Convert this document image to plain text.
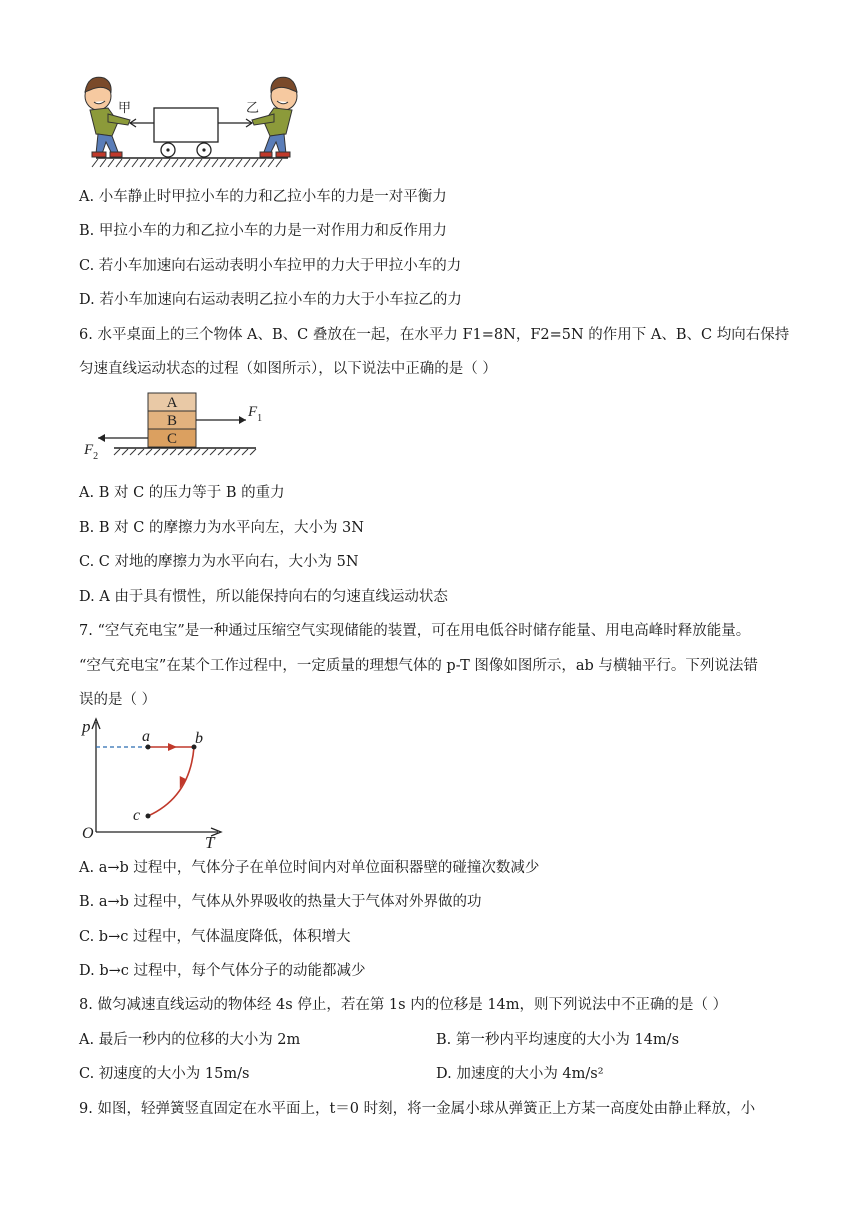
甲	乙
A. 小车静止时甲拉小车的力和乙拉小车的力是一对平衡力
B. 甲拉小车的力和乙拉小车的力是一对作用力和反作用力
C. 若小车加速向右运动表明小车拉甲的力大于甲拉小车的力
D. 若小车加速向右运动表明乙拉小车的力大于小车拉乙的力
6. 水平桌面上的三个物体 A、B、C 叠放在一起，在水平力 F1=8N，F2=5N 的作用下 A、B、C 均向右保持
匀速直线运动状态的过程（如图所示），以下说法中正确的是（ ）
A
B
C
$F_1$
$F_2$
A. B 对 C 的压力等于 B 的重力
B. B 对 C 的摩擦力为水平向左，大小为 3N
C. C 对地的摩擦力为水平向右，大小为 5N
D. A 由于具有惯性，所以能保持向右的匀速直线运动状态
7. “空气充电宝”是一种通过压缩空气实现储能的装置，可在用电低谷时储存能量、用电高峰时释放能量。
“空气充电宝”在某个工作过程中，一定质量的理想气体的 p-T 图像如图所示，ab 与横轴平行。下列说法错
误的是（ ）
p
T
O
a	b
c
A. a→b 过程中，气体分子在单位时间内对单位面积器壁的碰撞次数减少
B. a→b 过程中，气体从外界吸收的热量大于气体对外界做的功
C. b→c 过程中，气体温度降低，体积增大
D. b→c 过程中，每个气体分子的动能都减少
8. 做匀减速直线运动的物体经 4s 停止，若在第 1s 内的位移是 14m，则下列说法中不正确的是（ ）
A. 最后一秒内的位移的大小为 2m	B. 第一秒内平均速度的大小为 14m/s
C. 初速度的大小为 15m/s	D. 加速度的大小为 4m/s²
9. 如图，轻弹簧竖直固定在水平面上，t＝0 时刻，将一金属小球从弹簧正上方某一高度处由静止释放，小
